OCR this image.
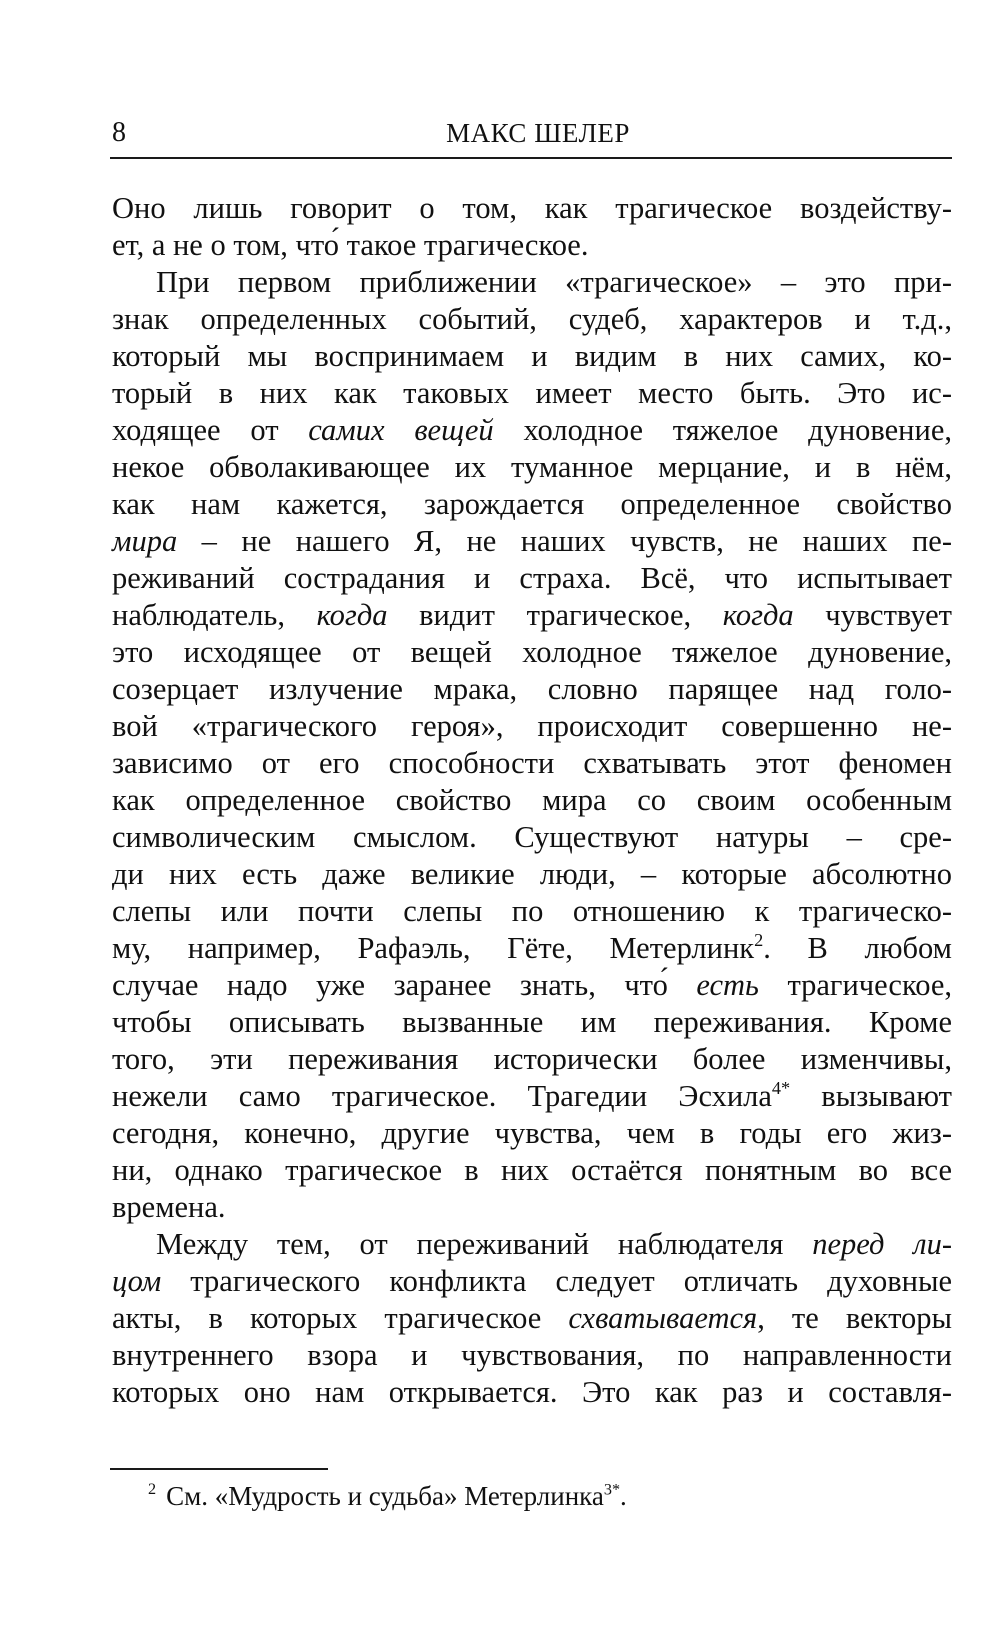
8	МАКС ШЕЛЕР
Оно лишь говорит о том, как трагическое воздейству-
ет, а не о том, что́ такое трагическое.
При первом приближении «трагическое» – это при-
знак определенных событий, судеб, характеров и т.д.,
который мы воспринимаем и видим в них самих, ко-
торый в них как таковых имеет место быть. Это ис-
ходящее от самих вещей холодное тяжелое дуновение,
некое обволакивающее их туманное мерцание, и в нём,
как нам кажется, зарождается определенное свойство
мира – не нашего Я, не наших чувств, не наших пе-
реживаний сострадания и страха. Всё, что испытывает
наблюдатель, когда видит трагическое, когда чувствует
это исходящее от вещей холодное тяжелое дуновение,
созерцает излучение мрака, словно парящее над голо-
вой «трагического героя», происходит совершенно не-
зависимо от его способности схватывать этот феномен
как определенное свойство мира со своим особенным
символическим смыслом. Существуют натуры – сре-
ди них есть даже великие люди, – которые абсолютно
слепы или почти слепы по отношению к трагическо-
му, например, Рафаэль, Гёте, Метерлинк$^2$. В любом
случае надо уже заранее знать, что́ есть трагическое,
чтобы описывать вызванные им переживания. Кроме
того, эти переживания исторически более изменчивы,
нежели само трагическое. Трагедии Эсхила$^{4*}$ вызывают
сегодня, конечно, другие чувства, чем в годы его жиз-
ни, однако трагическое в них остаётся понятным во все
времена.
Между тем, от переживаний наблюдателя перед ли-
цом трагического конфликта следует отличать духовные
акты, в которых трагическое схватывается, те векторы
внутреннего взора и чувствования, по направленности
которых оно нам открывается. Это как раз и составля-
$^2$ См. «Мудрость и судьба» Метерлинка$^{3*}$.
